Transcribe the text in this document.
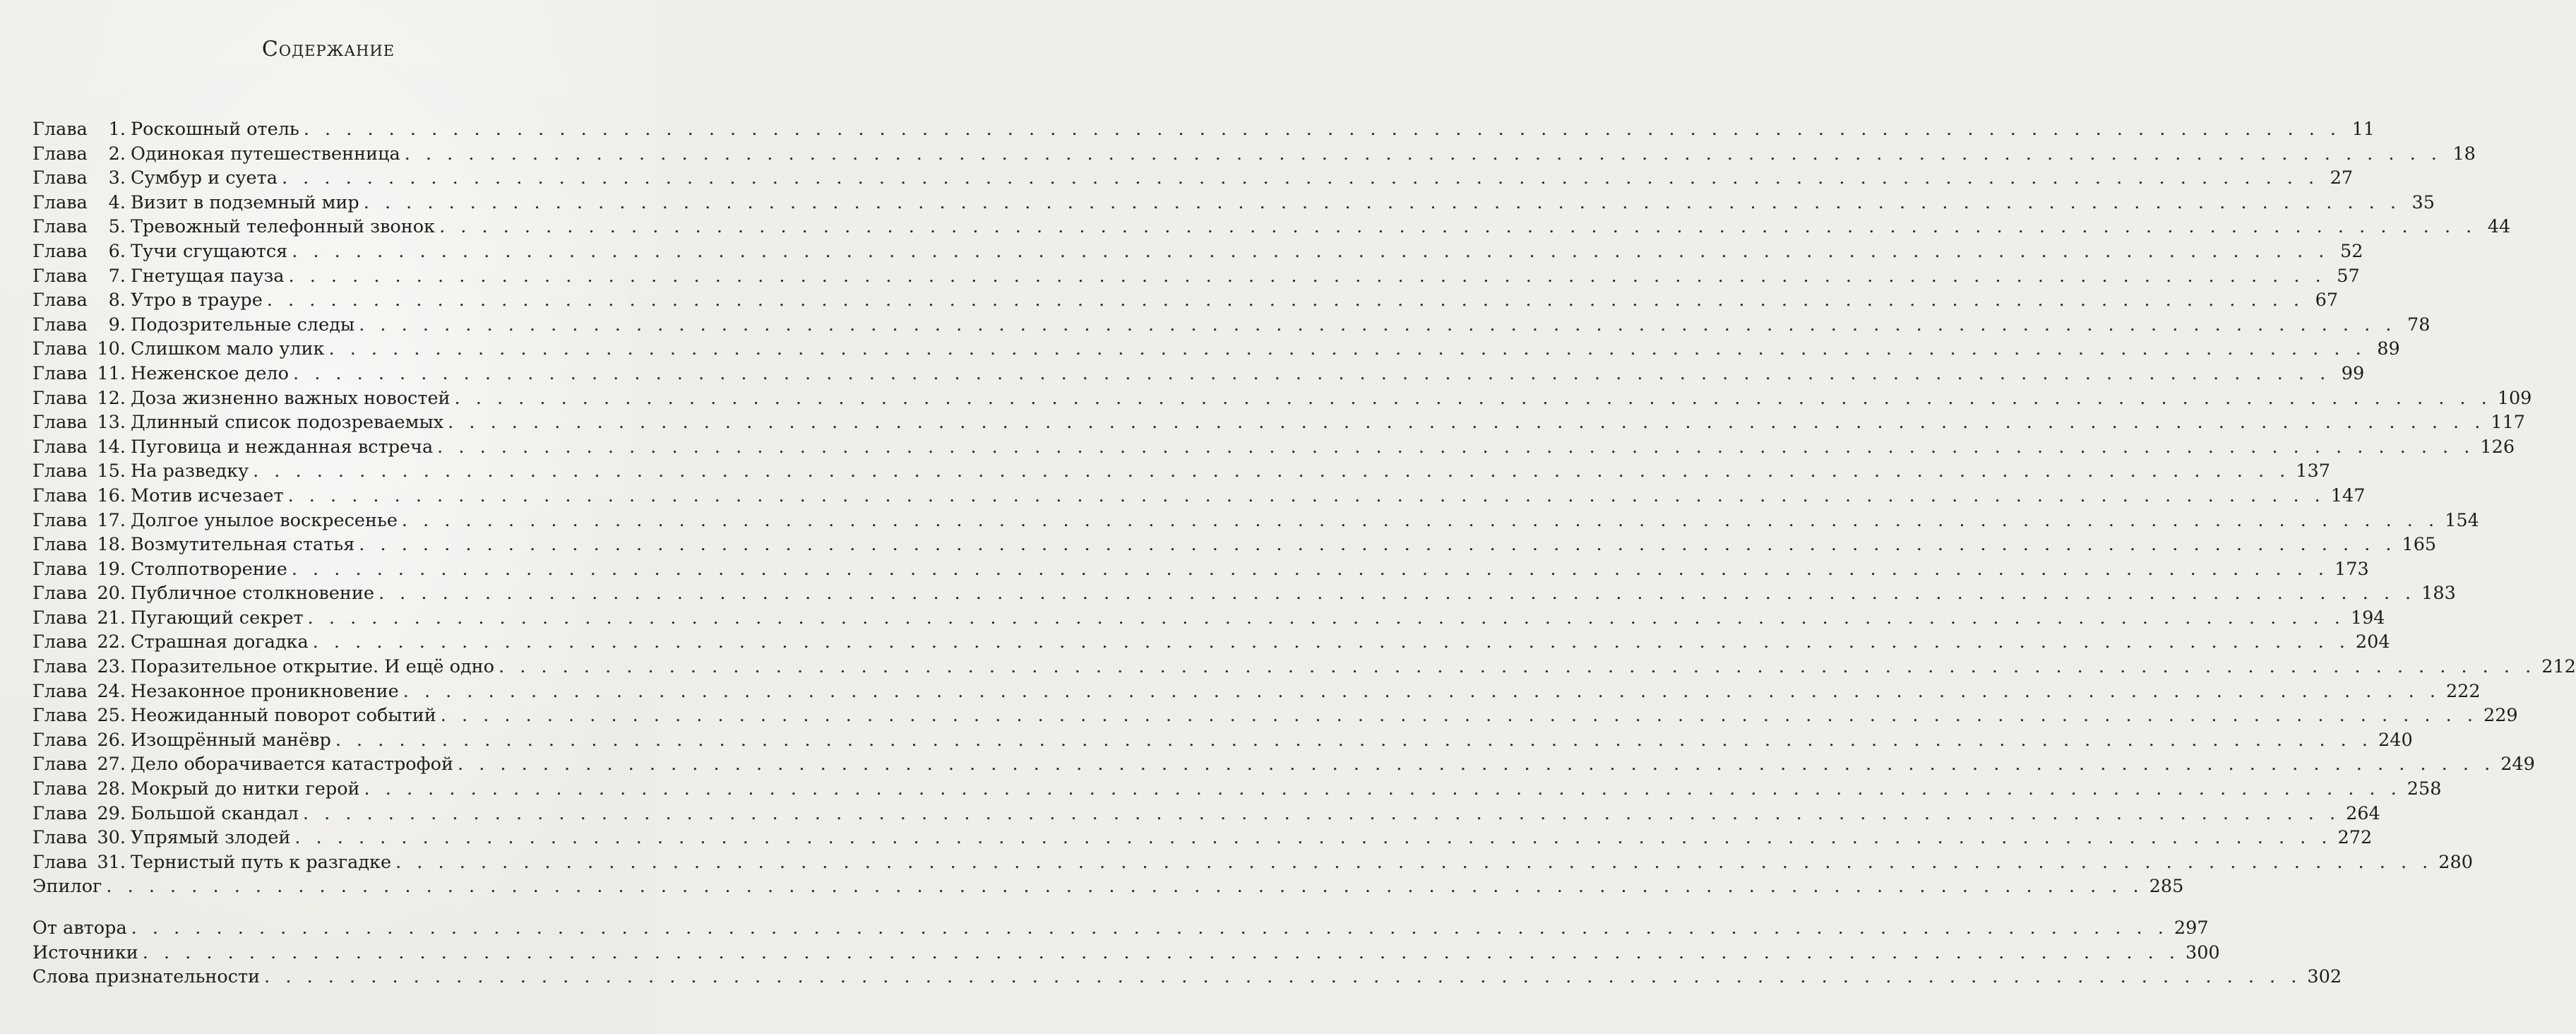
Содержание
Глава	1. Роскошный отель . . .	11
Глава	2. Одинокая путешественница . . .	18
Глава	3. Сумбур и суета . . .	27
Глава	4. Визит в подземный мир . . .	35
Глава	5. Тревожный телефонный звонок . . .	44
Глава	6. Тучи сгущаются . . .	52
Глава	7. Гнетущая пауза . . .	57
Глава	8. Утро в трауре . . .	67
Глава	9. Подозрительные следы . . .	78
Глава 10. Слишком мало улик . . .	89
Глава 11. Неженское дело . . .	99
Глава 12. Доза жизненно важных новостей . . .	109
Глава 13. Длинный список подозреваемых . . .	117
Глава 14. Пуговица и нежданная встреча . . .	126
Глава 15. На разведку . . .	137
Глава 16. Мотив исчезает . . .	147
Глава 17. Долгое унылое воскресенье . . .	154
Глава 18. Возмутительная статья . . .	165
Глава 19. Столпотворение . . .	173
Глава 20. Публичное столкновение . . .	183
Глава 21. Пугающий секрет . . .	194
Глава 22. Страшная догадка . . .	204
Глава 23. Поразительное открытие. И ещё одно . . .	212
Глава 24. Незаконное проникновение . . .	222
Глава 25. Неожиданный поворот событий . . .	229
Глава 26. Изощрённый манёвр . . .	240
Глава 27. Дело оборачивается катастрофой . . .	249
Глава 28. Мокрый до нитки герой . . .	258
Глава 29. Большой скандал . . .	264
Глава 30. Упрямый злодей . . .	272
Глава 31. Тернистый путь к разгадке . . .	280
Эпилог . . .	285
От автора . . .	297
Источники . . .	300
Слова признательности . . .	302
